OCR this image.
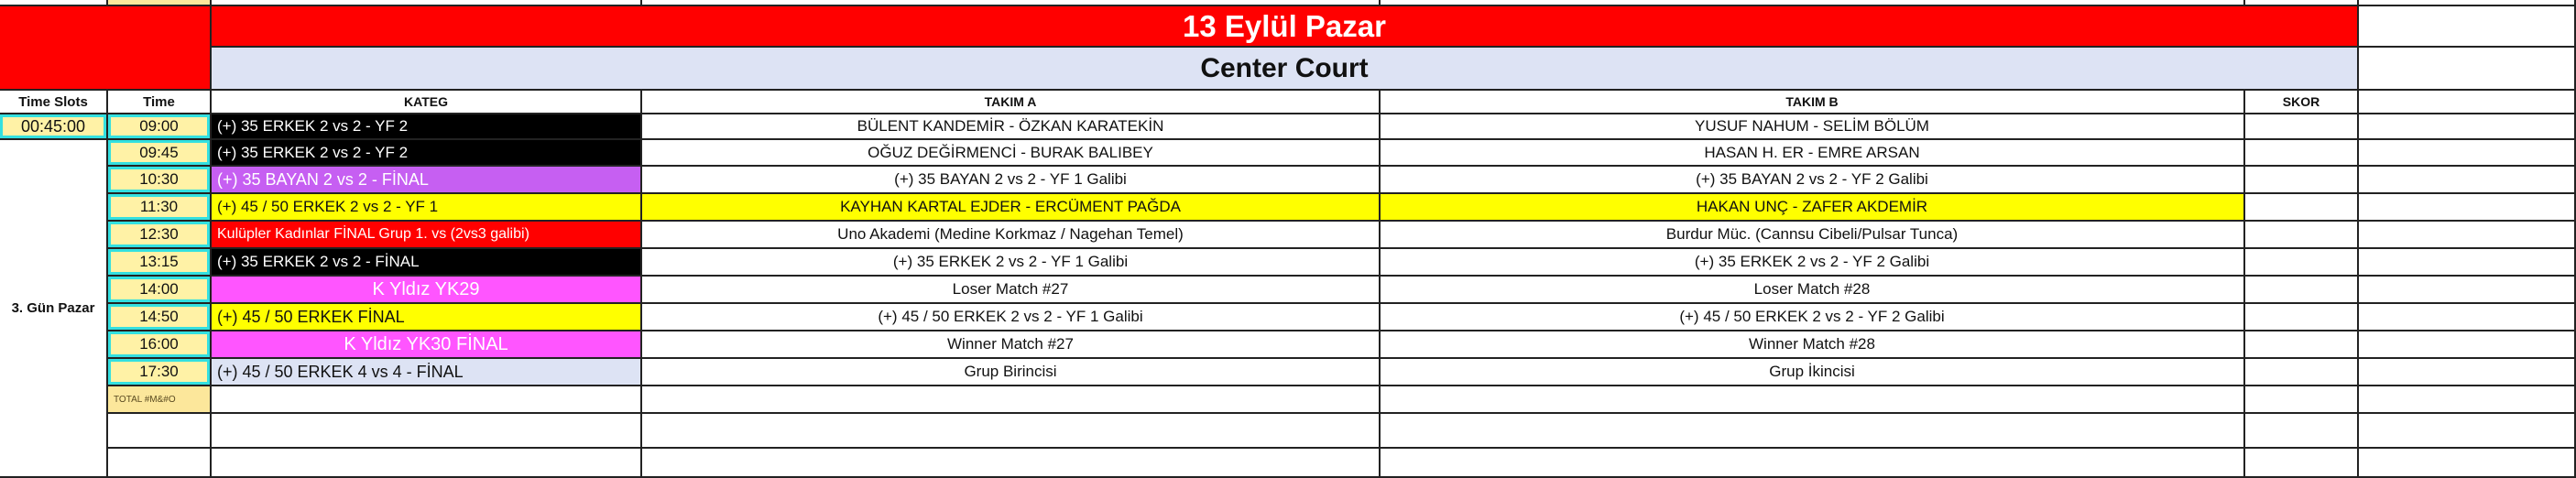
13 Eylül Pazar
Center Court
Time Slots	Time	KATEG	TAKIM A	TAKIM B	SKOR
00:45:00
3. Gün Pazar
09:00	(+) 35 ERKEK 2 vs 2 - YF 2	BÜLENT KANDEMİR - ÖZKAN KARATEKİN	YUSUF NAHUM - SELİM BÖLÜM
09:45	(+) 35 ERKEK 2 vs 2 - YF 2	OĞUZ DEĞİRMENCİ - BURAK BALIBEY	HASAN H. ER - EMRE ARSAN
10:30	(+) 35 BAYAN 2 vs 2 - FİNAL	(+) 35 BAYAN 2 vs 2 - YF 1 Galibi	(+) 35 BAYAN 2 vs 2 - YF 2 Galibi
11:30	(+) 45 / 50 ERKEK 2 vs 2 - YF 1	KAYHAN KARTAL EJDER - ERCÜMENT PAĞDA	HAKAN UNÇ - ZAFER AKDEMİR
12:30	Kulüpler Kadınlar FİNAL Grup 1. vs (2vs3 galibi)	Uno Akademi (Medine Korkmaz / Nagehan Temel)	Burdur Müc. (Cannsu Cibeli/Pulsar Tunca)
13:15	(+) 35 ERKEK 2 vs 2 - FİNAL	(+) 35 ERKEK 2 vs 2 - YF 1 Galibi	(+) 35 ERKEK 2 vs 2 - YF 2 Galibi
14:00	K Yldız YK29	Loser Match #27	Loser Match #28
14:50	(+) 45 / 50 ERKEK FİNAL	(+) 45 / 50 ERKEK 2 vs 2 - YF 1 Galibi	(+) 45 / 50 ERKEK 2 vs 2 - YF 2 Galibi
16:00	K Yldız YK30 FİNAL	Winner Match #27	Winner Match #28
17:30	(+) 45 / 50 ERKEK 4 vs 4 - FİNAL	Grup Birincisi	Grup İkincisi
TOTAL #M&#O
